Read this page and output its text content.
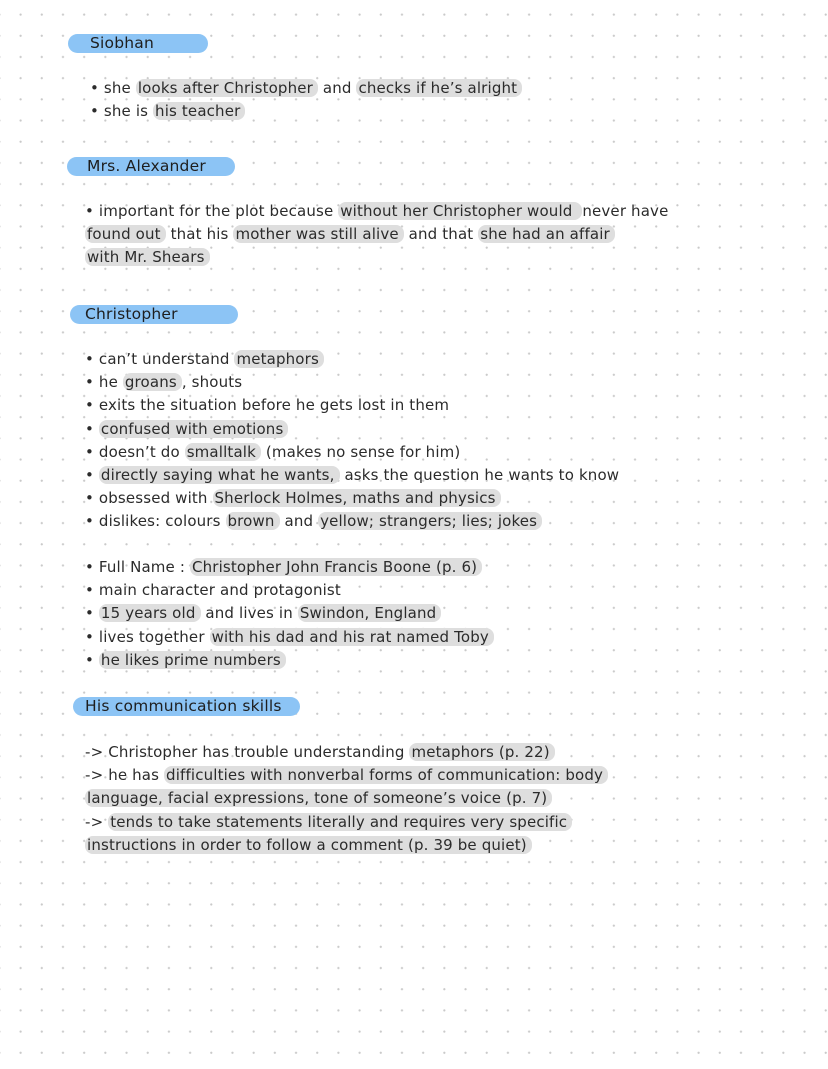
Siobhan
• she looks after Christopher and checks if he’s alright
• she is his teacher
Mrs. Alexander
• important for the plot because without her Christopher would never have
found out that his mother was still alive and that she had an affair
with Mr. Shears
Christopher
• can’t understand metaphors
• he groans , shouts
• exits the situation before he gets lost in them
• confused with emotions
• doesn’t do smalltalk (makes no sense for him)
• directly saying what he wants, asks the question he wants to know
• obsessed with Sherlock Holmes, maths and physics
• dislikes: colours brown and yellow; strangers; lies; jokes
• Full Name : Christopher John Francis Boone (p. 6)
• main character and protagonist
• 15 years old and lives in Swindon, England
• lives together with his dad and his rat named Toby
• he likes prime numbers
His communication skills
-> Christopher has trouble understanding metaphors (p. 22)
-> he has difficulties with nonverbal forms of communication: body
language, facial expressions, tone of someone’s voice (p. 7)
-> tends to take statements literally and requires very specific
instructions in order to follow a comment (p. 39 be quiet)
